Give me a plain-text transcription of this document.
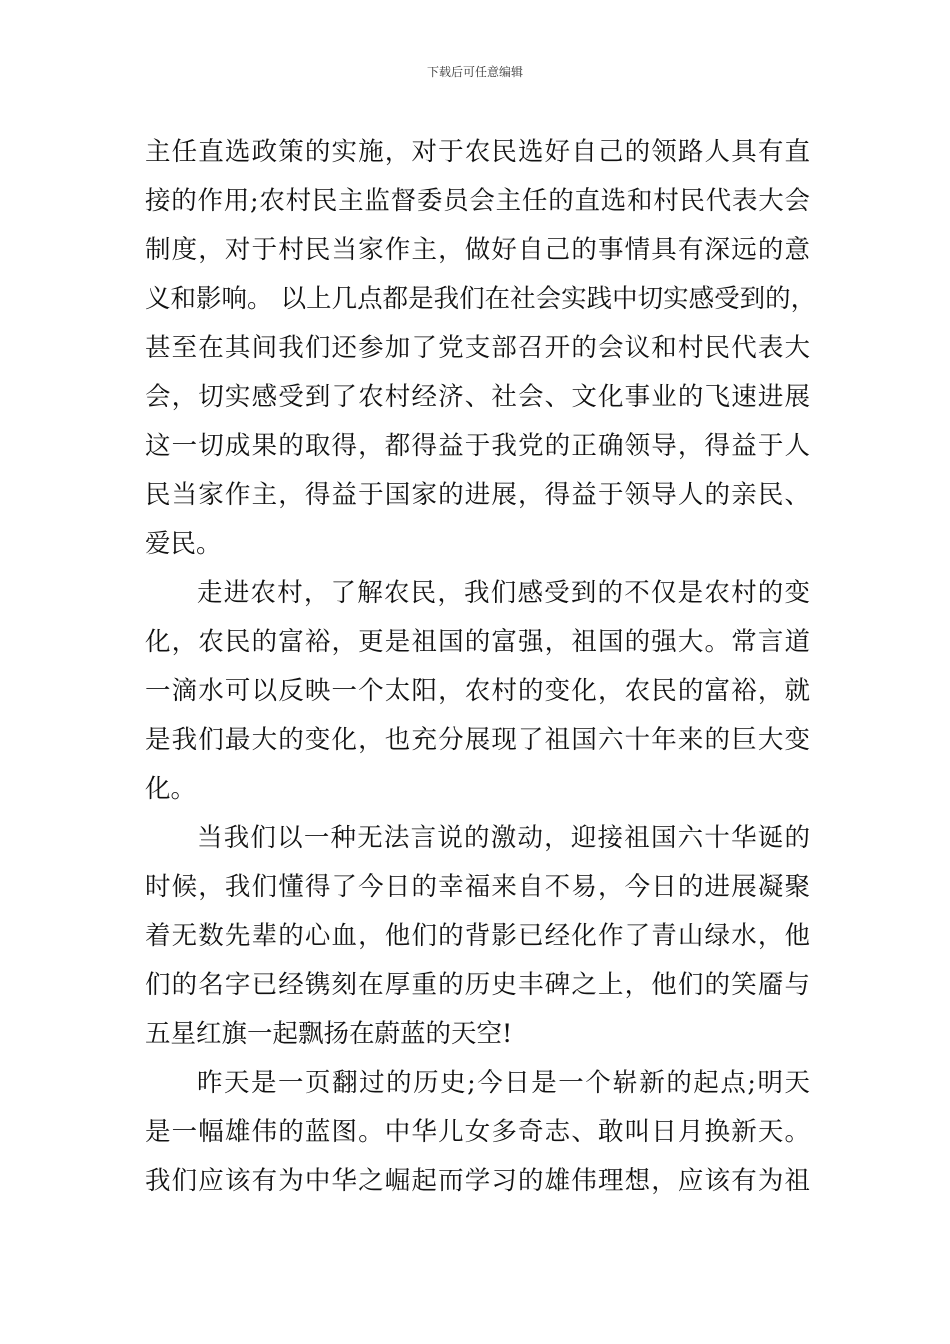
下载后可任意编辑
主任直选政策的实施，对于农民选好自己的领路人具有直
接的作用;农村民主监督委员会主任的直选和村民代表大会
制度，对于村民当家作主，做好自己的事情具有深远的意
义和影响。 以上几点都是我们在社会实践中切实感受到的，
甚至在其间我们还参加了党支部召开的会议和村民代表大
会，切实感受到了农村经济、社会、文化事业的飞速进展
这一切成果的取得，都得益于我党的正确领导，得益于人
民当家作主，得益于国家的进展，得益于领导人的亲民、
爱民。
走进农村，了解农民，我们感受到的不仅是农村的变
化，农民的富裕，更是祖国的富强，祖国的强大。常言道
一滴水可以反映一个太阳，农村的变化，农民的富裕，就
是我们最大的变化，也充分展现了祖国六十年来的巨大变
化。
当我们以一种无法言说的激动，迎接祖国六十华诞的
时候，我们懂得了今日的幸福来自不易，今日的进展凝聚
着无数先辈的心血，他们的背影已经化作了青山绿水，他
们的名字已经镌刻在厚重的历史丰碑之上，他们的笑靥与
五星红旗一起飘扬在蔚蓝的天空!
昨天是一页翻过的历史;今日是一个崭新的起点;明天
是一幅雄伟的蓝图。中华儿女多奇志、敢叫日月换新天。
我们应该有为中华之崛起而学习的雄伟理想，应该有为祖
